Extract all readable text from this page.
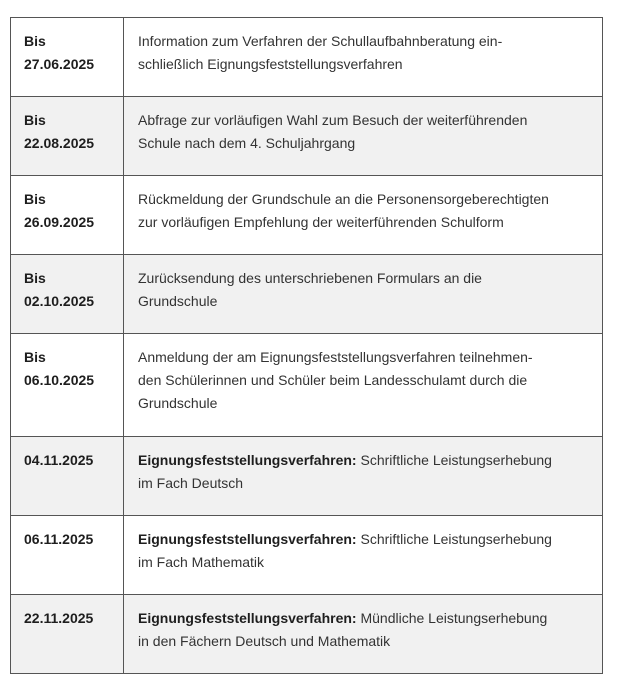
Bis
27.06.2025	Information zum Verfahren der Schullaufbahnberatung ein-
schließlich Eignungsfeststellungsverfahren

Bis
22.08.2025	Abfrage zur vorläufigen Wahl zum Besuch der weiterführenden
Schule nach dem 4. Schuljahrgang

Bis
26.09.2025	Rückmeldung der Grundschule an die Personensorgeberechtigten
zur vorläufigen Empfehlung der weiterführenden Schulform

Bis
02.10.2025	Zurücksendung des unterschriebenen Formulars an die
Grundschule

Bis
06.10.2025	Anmeldung der am Eignungsfeststellungsverfahren teilnehmen-
den Schülerinnen und Schüler beim Landesschulamt durch die
Grundschule

04.11.2025	Eignungsfeststellungsverfahren: Schriftliche Leistungserhebung
im Fach Deutsch

06.11.2025	Eignungsfeststellungsverfahren: Schriftliche Leistungserhebung
im Fach Mathematik

22.11.2025	Eignungsfeststellungsverfahren: Mündliche Leistungserhebung
in den Fächern Deutsch und Mathematik
